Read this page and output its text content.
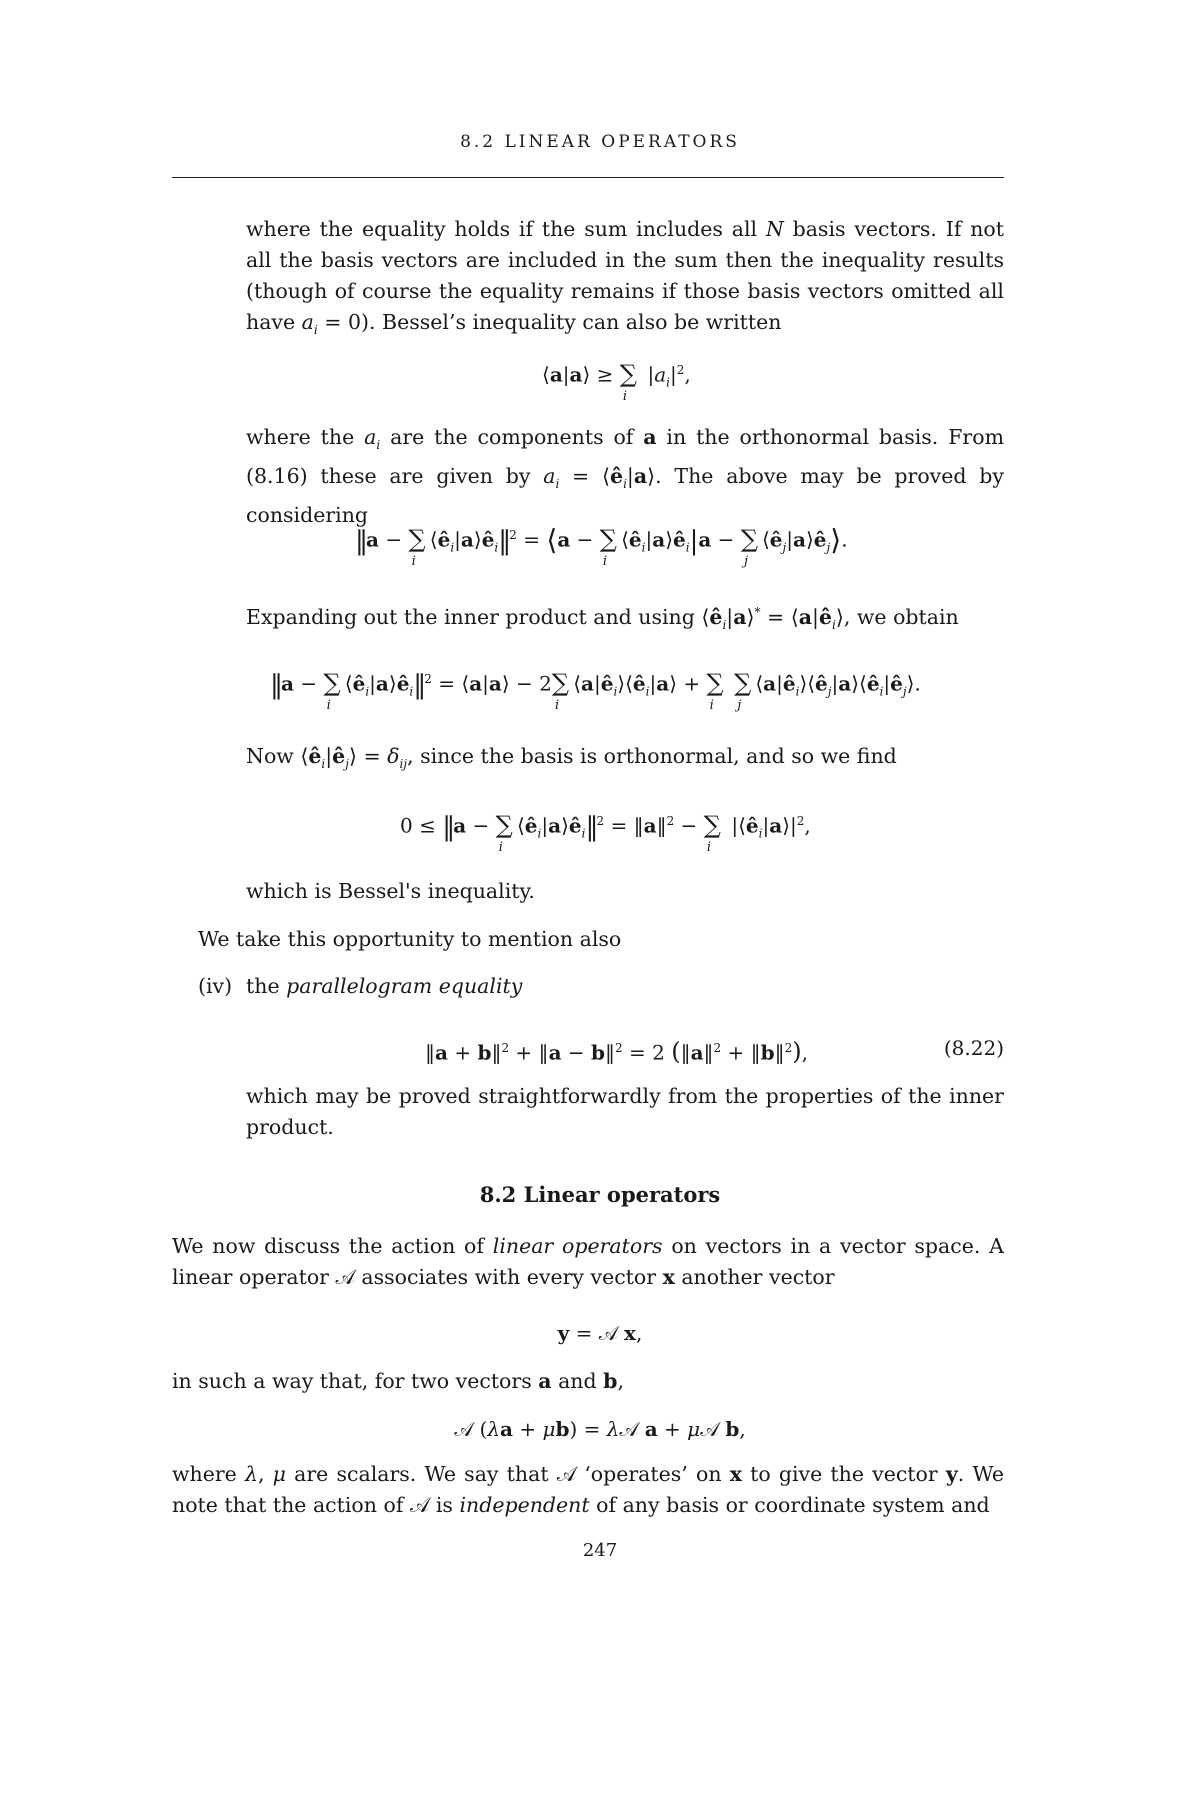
8.2 LINEAR OPERATORS
where the equality holds if the sum includes all N basis vectors. If not all the basis vectors are included in the sum then the inequality results (though of course the equality remains if those basis vectors omitted all have $a_i = 0$). Bessel’s inequality can also be written
⟨a|a⟩ ≥ $\sum_i$ $|a_i|^2$,
where the $a_i$ are the components of a in the orthonormal basis. From (8.16) these are given by $a_i$ = $⟨ê_i|a⟩$. The above may be proved by considering
‖a − $\sum_i⟨ê_i|a⟩ê_i‖^2$ = ⟨a − $\sum_i⟨ê_i|a⟩ê_i|a$ − $\sum_j⟨ê_j|a⟩ê_j⟩$.
Expanding out the inner product and using $⟨ê_i|a⟩^*$ = $⟨a|ê_i⟩$, we obtain
‖a − $\sum_i⟨ê_i|a⟩ê_i‖^2$ = ⟨a|a⟩ − $2\sum_i⟨a|ê_i⟩⟨ê_i|a⟩ + \sum_i$ $\sum_j⟨a|ê_i⟩⟨ê_j|a⟩⟨ê_i|ê_j⟩$.
Now $⟨ê_i|ê_j⟩ = \delta_{ij}$, since the basis is orthonormal, and so we find
0 ≤ ‖a − $\sum_i⟨ê_i|a⟩ê_i‖^2$ = ‖a‖$^2$ − $\sum_i$ $|⟨ê_i|a⟩|^2$,
which is Bessel's inequality.
We take this opportunity to mention also
(iv) the parallelogram equality
‖a + b‖$^2$ + ‖a − b‖$^2$ = 2 (‖a‖$^2$ + ‖b‖$^2$),	(8.22)
which may be proved straightforwardly from the properties of the inner product.
8.2 Linear operators
We now discuss the action of linear operators on vectors in a vector space. A linear operator 𝒜 associates with every vector x another vector
y = 𝒜 x,
in such a way that, for two vectors a and b,
𝒜 (λa + μb) = λ𝒜 a + μ𝒜 b,
where λ, μ are scalars. We say that 𝒜 ‘operates’ on x to give the vector y. We note that the action of 𝒜 is independent of any basis or coordinate system and
247
